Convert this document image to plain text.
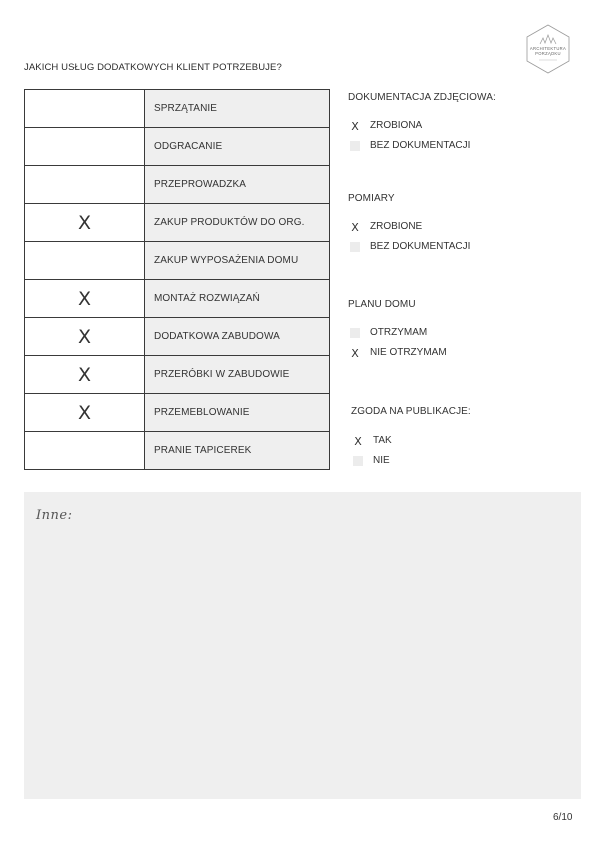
ARCHITEKTURA
PORZĄDKU
JAKICH USŁUG DODATKOWYCH KLIENT POTRZEBUJE?
	SPRZĄTANIE
	ODGRACANIE
	PRZEPROWADZKA
X	ZAKUP PRODUKTÓW DO ORG.
	ZAKUP WYPOSAŻENIA DOMU
X	MONTAŻ ROZWIĄZAŃ
X	DODATKOWA ZABUDOWA
X	PRZERÓBKI W ZABUDOWIE
X	PRZEMEBLOWANIE
	PRANIE TAPICEREK
DOKUMENTACJA ZDJĘCIOWA:
X ZROBIONA
BEZ DOKUMENTACJI
POMIARY
X ZROBIONE
BEZ DOKUMENTACJI
PLANU DOMU
OTRZYMAM
X NIE OTRZYMAM
ZGODA NA PUBLIKACJE:
X TAK
NIE
Inne:
6/10
